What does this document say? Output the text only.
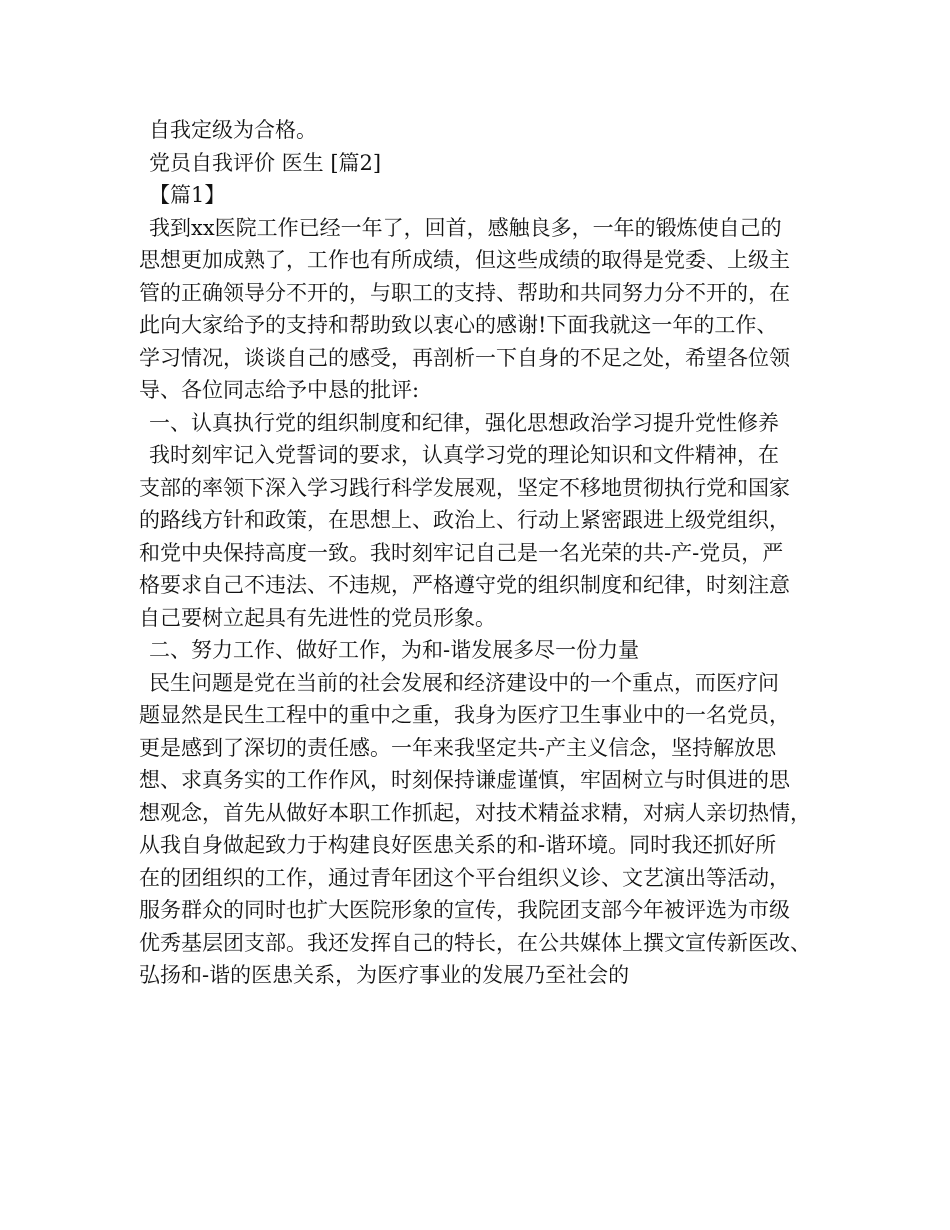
自我定级为合格。
党员自我评价 医生 [篇2]
【篇1】
我到xx医院工作已经一年了，回首，感触良多，一年的锻炼使自己的
思想更加成熟了，工作也有所成绩，但这些成绩的取得是党委、上级主
管的正确领导分不开的，与职工的支持、帮助和共同努力分不开的，在
此向大家给予的支持和帮助致以衷心的感谢!下面我就这一年的工作、
学习情况，谈谈自己的感受，再剖析一下自身的不足之处，希望各位领
导、各位同志给予中恳的批评:
一、认真执行党的组织制度和纪律，强化思想政治学习提升党性修养
我时刻牢记入党誓词的要求，认真学习党的理论知识和文件精神，在
支部的率领下深入学习践行科学发展观，坚定不移地贯彻执行党和国家
的路线方针和政策，在思想上、政治上、行动上紧密跟进上级党组织，
和党中央保持高度一致。我时刻牢记自己是一名光荣的共-产-党员，严
格要求自己不违法、不违规，严格遵守党的组织制度和纪律，时刻注意
自己要树立起具有先进性的党员形象。
二、努力工作、做好工作，为和-谐发展多尽一份力量
民生问题是党在当前的社会发展和经济建设中的一个重点，而医疗问
题显然是民生工程中的重中之重，我身为医疗卫生事业中的一名党员，
更是感到了深切的责任感。一年来我坚定共-产主义信念，坚持解放思
想、求真务实的工作作风，时刻保持谦虚谨慎，牢固树立与时俱进的思
想观念，首先从做好本职工作抓起，对技术精益求精，对病人亲切热情，
从我自身做起致力于构建良好医患关系的和-谐环境。同时我还抓好所
在的团组织的工作，通过青年团这个平台组织义诊、文艺演出等活动，
服务群众的同时也扩大医院形象的宣传，我院团支部今年被评选为市级
优秀基层团支部。我还发挥自己的特长，在公共媒体上撰文宣传新医改、
弘扬和-谐的医患关系，为医疗事业的发展乃至社会的
